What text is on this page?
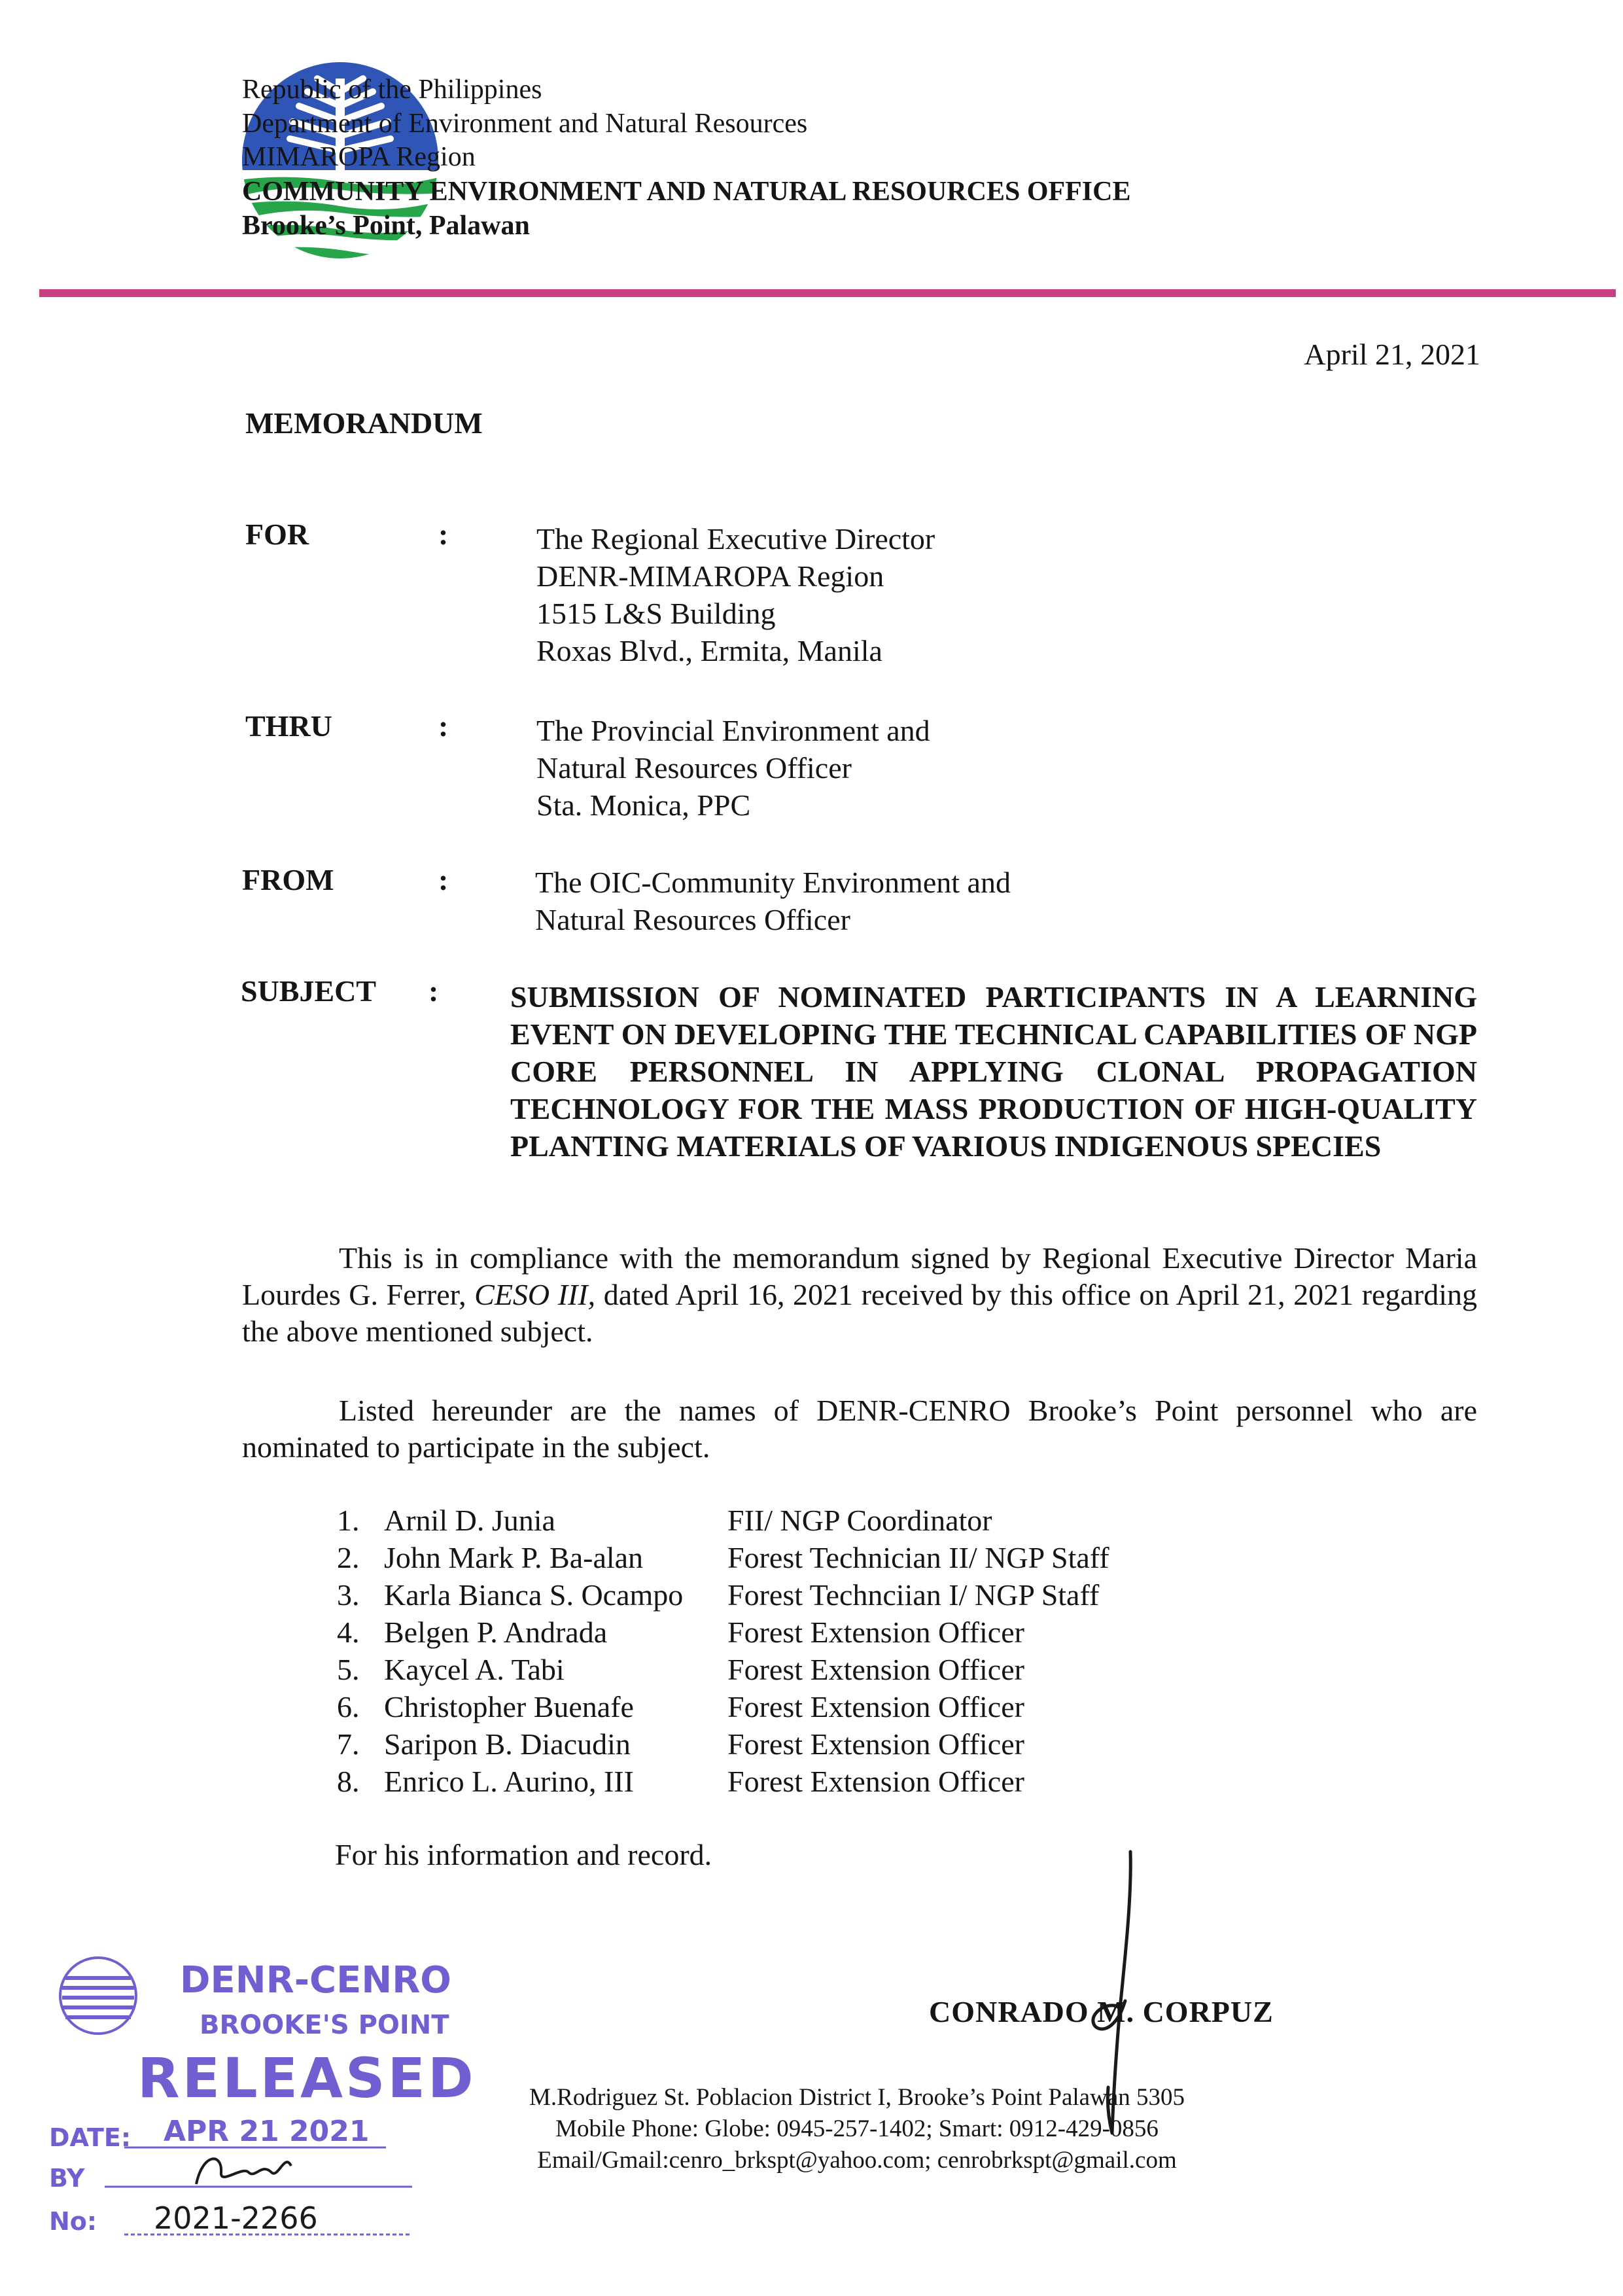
Republic of the Philippines
Department of Environment and Natural Resources
MIMAROPA Region
COMMUNITY ENVIRONMENT AND NATURAL RESOURCES OFFICE
Brooke’s Point, Palawan
April 21, 2021
MEMORANDUM
FOR	:	The Regional Executive Director
DENR-MIMAROPA Region
1515 L&S Building
Roxas Blvd., Ermita, Manila
THRU	:	The Provincial Environment and
Natural Resources Officer
Sta. Monica, PPC
FROM	:	The OIC-Community Environment and
Natural Resources Officer
SUBJECT : SUBMISSION OF NOMINATED PARTICIPANTS IN A LEARNING EVENT ON DEVELOPING THE TECHNICAL CAPABILITIES OF NGP CORE PERSONNEL IN APPLYING CLONAL PROPAGATION TECHNOLOGY FOR THE MASS PRODUCTION OF HIGH-QUALITY PLANTING MATERIALS OF VARIOUS INDIGENOUS SPECIES
This is in compliance with the memorandum signed by Regional Executive Director Maria Lourdes G. Ferrer, CESO III, dated April 16, 2021 received by this office on April 21, 2021 regarding the above mentioned subject.
Listed hereunder are the names of DENR-CENRO Brooke’s Point personnel who are nominated to participate in the subject.
1. Arnil D. Junia	FII/ NGP Coordinator
2. John Mark P. Ba-alan	Forest Technician II/ NGP Staff
3. Karla Bianca S. Ocampo Forest Technciian I/ NGP Staff
4. Belgen P. Andrada	Forest Extension Officer
5. Kaycel A. Tabi	Forest Extension Officer
6. Christopher Buenafe	Forest Extension Officer
7. Saripon B. Diacudin	Forest Extension Officer
8. Enrico L. Aurino, III	Forest Extension Officer
For his information and record.
CONRADO M. CORPUZ
M.Rodriguez St. Poblacion District I, Brooke’s Point Palawan 5305
Mobile Phone: Globe: 0945-257-1402; Smart: 0912-429-0856
Email/Gmail:cenro_brkspt@yahoo.com; cenrobrkspt@gmail.com
DENR-CENRO
BROOKE'S POINT
RELEASED
DATE: APR 21 2021
BY
No: 2021-2266
